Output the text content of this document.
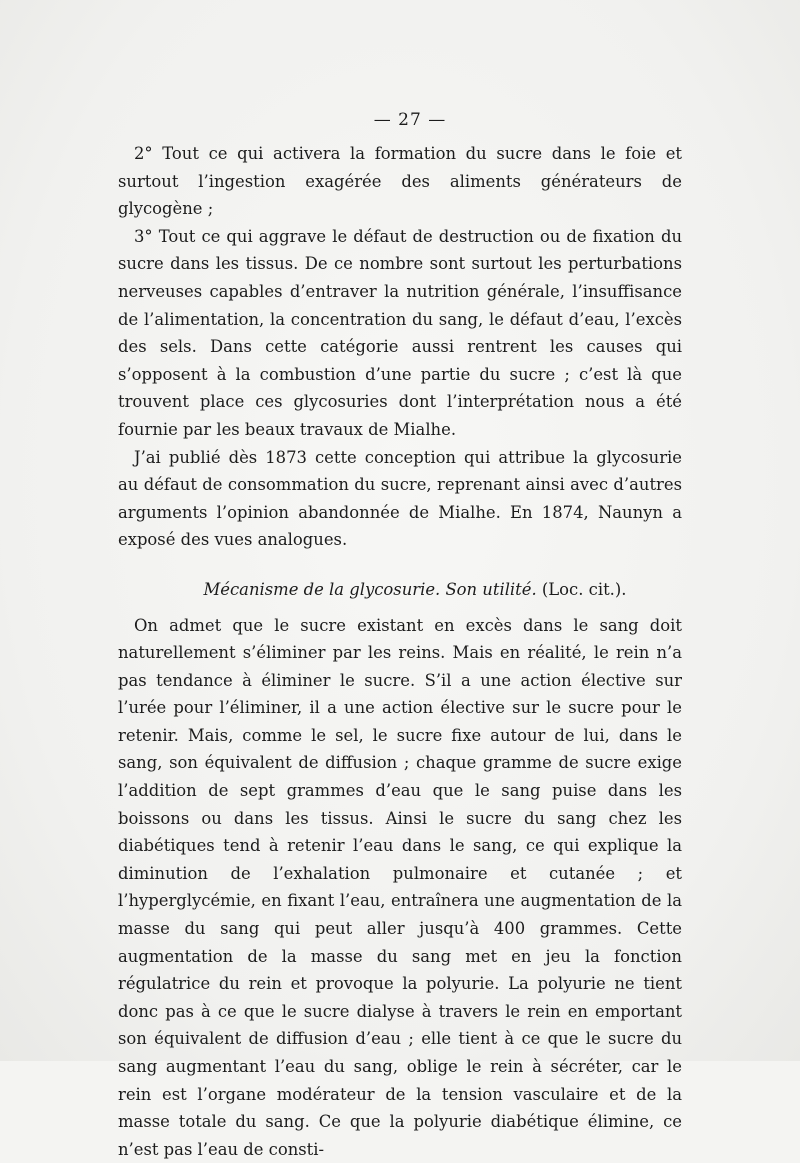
— 27 —

2° Tout ce qui activera la formation du sucre dans le foie et surtout l’ingestion exagérée des aliments générateurs de glycogène ;

3° Tout ce qui aggrave le défaut de destruction ou de fixation du sucre dans les tissus. De ce nombre sont surtout les perturbations nerveuses capables d’entraver la nutrition générale, l’insuffisance de l’alimentation, la concentration du sang, le défaut d’eau, l’excès des sels. Dans cette catégorie aussi rentrent les causes qui s’opposent à la combustion d’une partie du sucre ; c’est là que trouvent place ces glycosuries dont l’interprétation nous a été fournie par les beaux travaux de Mialhe.

J’ai publié dès 1873 cette conception qui attribue la glycosurie au défaut de consommation du sucre, reprenant ainsi avec d’autres arguments l’opinion abandonnée de Mialhe. En 1874, Naunyn a exposé des vues analogues.

Mécanisme de la glycosurie. Son utilité. (Loc. cit.).

On admet que le sucre existant en excès dans le sang doit naturellement s’éliminer par les reins. Mais en réalité, le rein n’a pas tendance à éliminer le sucre. S’il a une action élective sur l’urée pour l’éliminer, il a une action élective sur le sucre pour le retenir. Mais, comme le sel, le sucre fixe autour de lui, dans le sang, son équivalent de diffusion ; chaque gramme de sucre exige l’addition de sept grammes d’eau que le sang puise dans les boissons ou dans les tissus. Ainsi le sucre du sang chez les diabétiques tend à retenir l’eau dans le sang, ce qui explique la diminution de l’exhalation pulmonaire et cutanée ; et l’hyperglycémie, en fixant l’eau, entraînera une augmentation de la masse du sang qui peut aller jusqu’à 400 grammes. Cette augmentation de la masse du sang met en jeu la fonction régulatrice du rein et provoque la polyurie. La polyurie ne tient donc pas à ce que le sucre dialyse à travers le rein en emportant son équivalent de diffusion d’eau ; elle tient à ce que le sucre du sang augmentant l’eau du sang, oblige le rein à sécréter, car le rein est l’organe modérateur de la tension vasculaire et de la masse totale du sang. Ce que la polyurie diabétique élimine, ce n’est pas l’eau de consti-
